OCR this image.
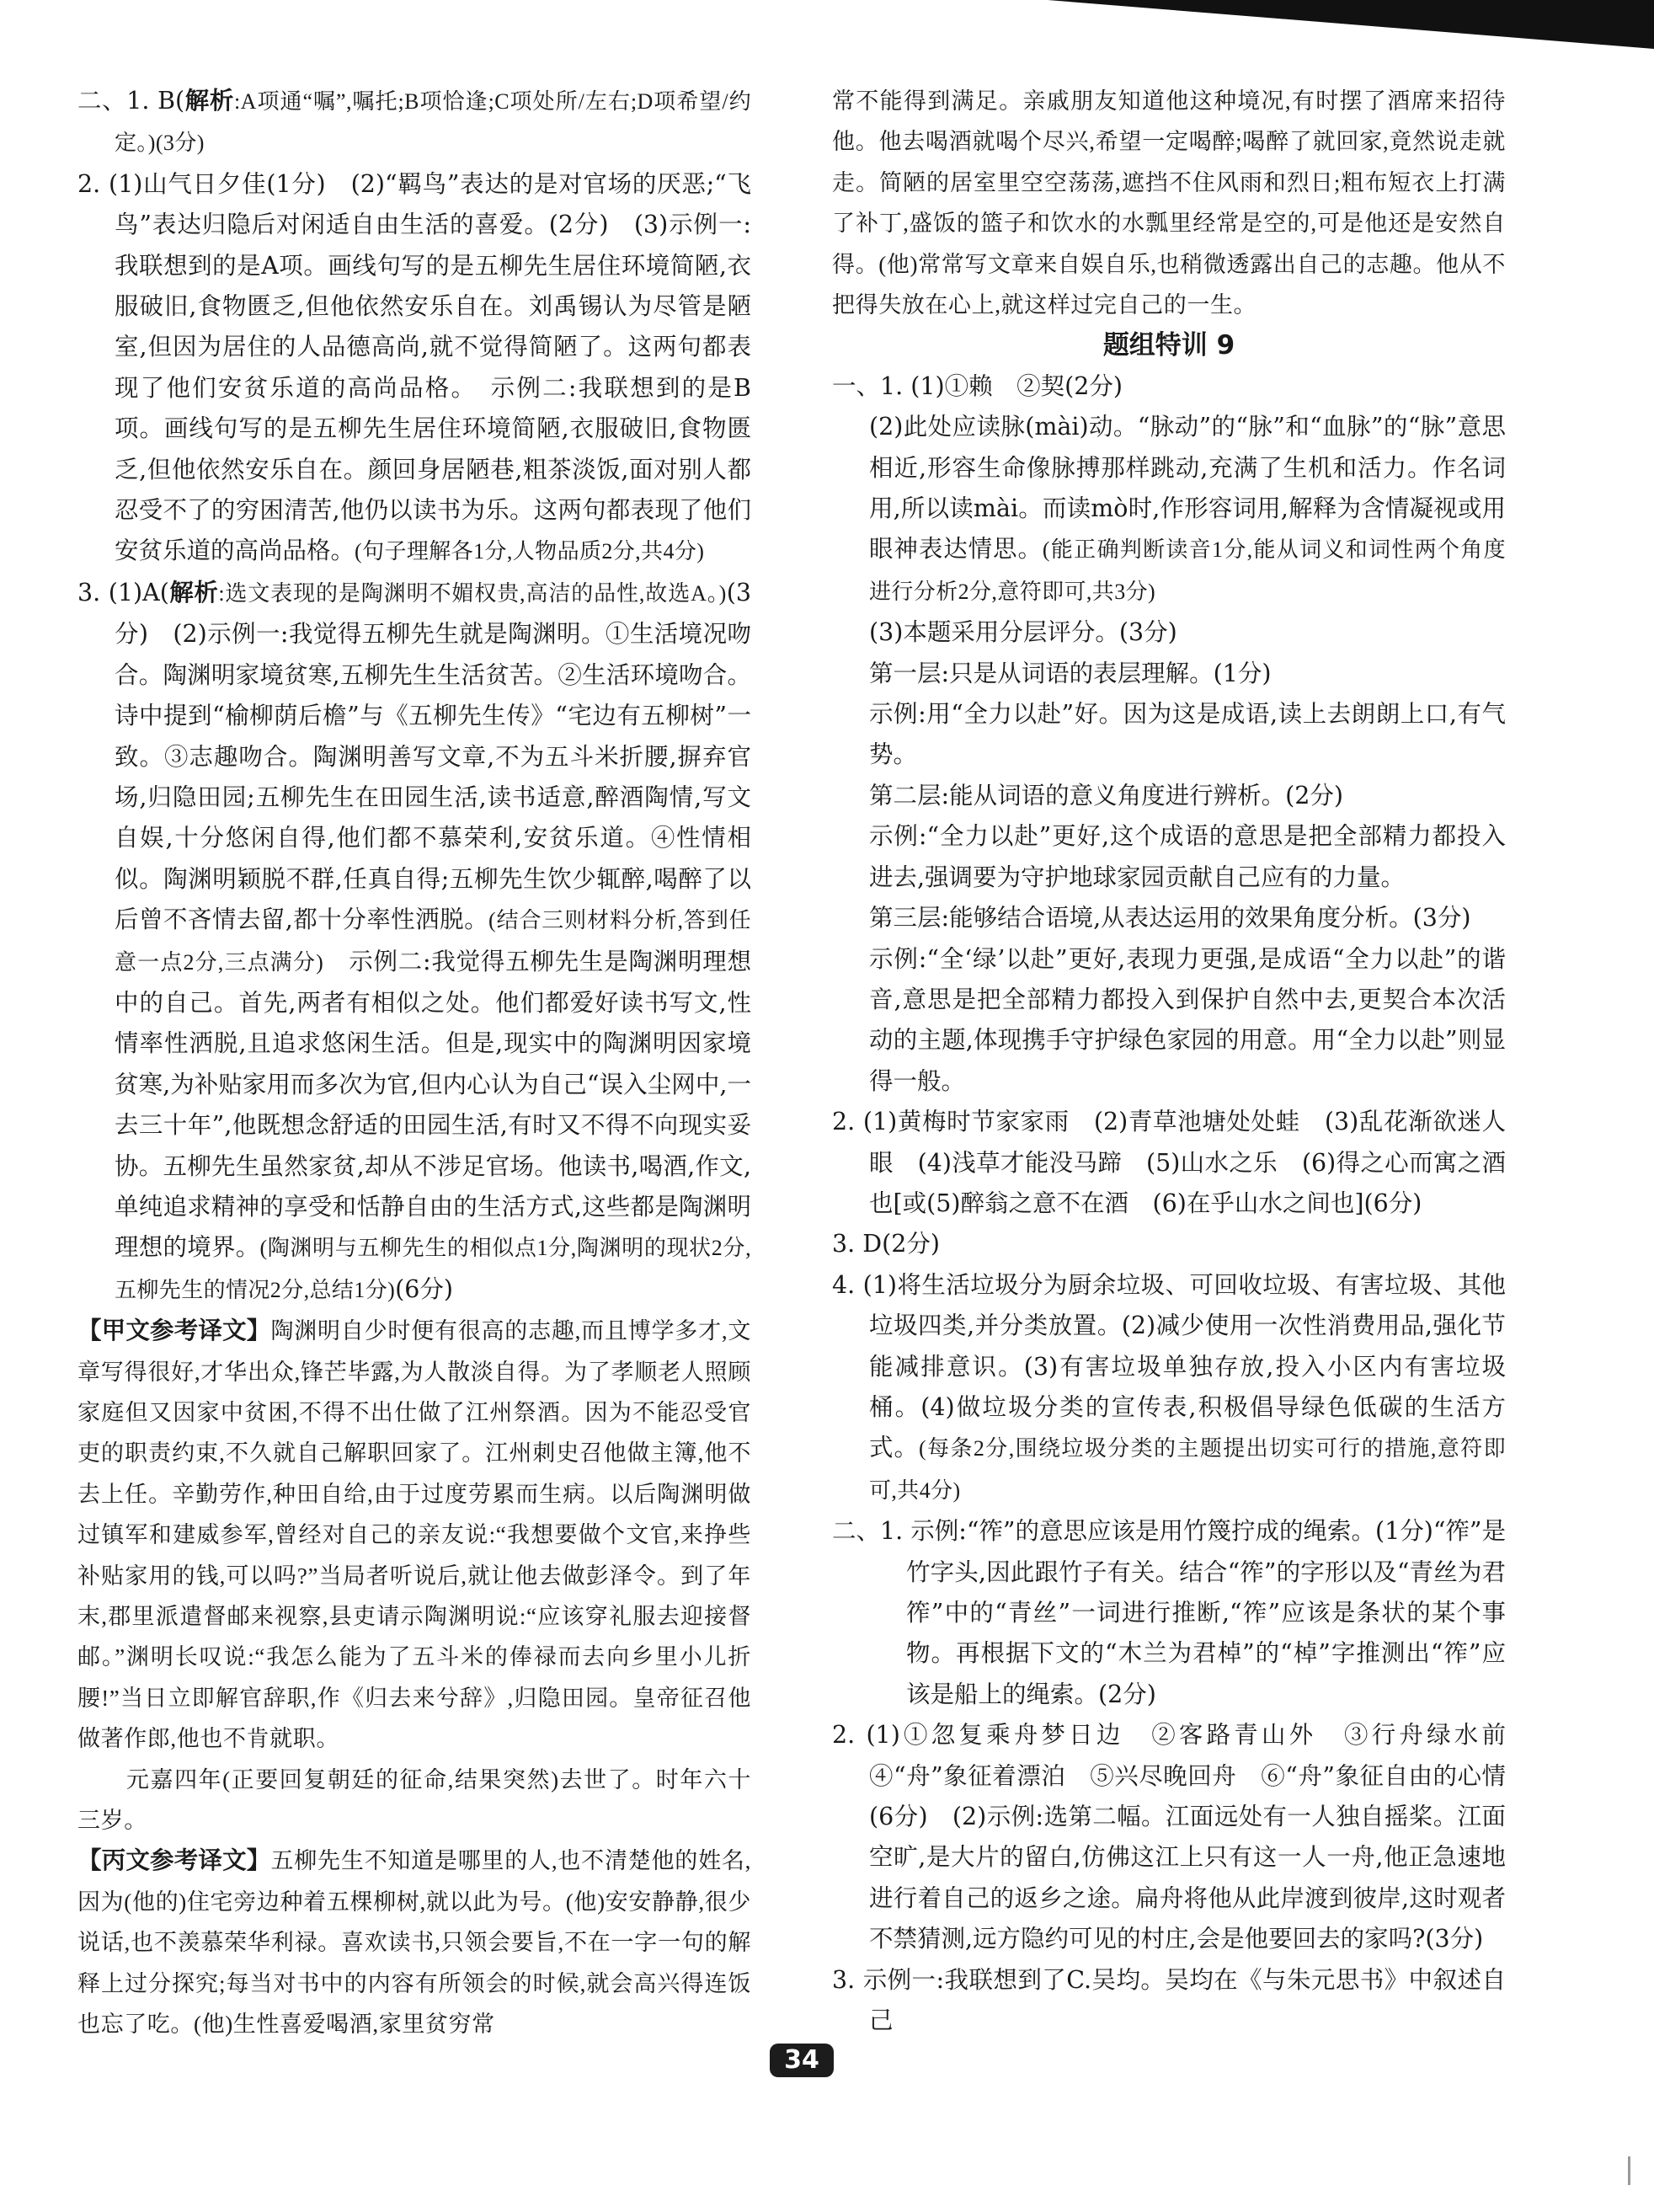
二、1. B(解析:A项通“嘱”,嘱托;B项恰逢;C项处所/左右;D项希望/约定。)(3分)

2. (1)山气日夕佳(1分)　(2)“羁鸟”表达的是对官场的厌恶;“飞鸟”表达归隐后对闲适自由生活的喜爱。(2分)　(3)示例一:我联想到的是A项。画线句写的是五柳先生居住环境简陋,衣服破旧,食物匮乏,但他依然安乐自在。刘禹锡认为尽管是陋室,但因为居住的人品德高尚,就不觉得简陋了。这两句都表现了他们安贫乐道的高尚品格。　示例二:我联想到的是B项。画线句写的是五柳先生居住环境简陋,衣服破旧,食物匮乏,但他依然安乐自在。颜回身居陋巷,粗茶淡饭,面对别人都忍受不了的穷困清苦,他仍以读书为乐。这两句都表现了他们安贫乐道的高尚品格。(句子理解各1分,人物品质2分,共4分)

3. (1)A(解析:选文表现的是陶渊明不媚权贵,高洁的品性,故选A。)(3分)　(2)示例一:我觉得五柳先生就是陶渊明。①生活境况吻合。陶渊明家境贫寒,五柳先生生活贫苦。②生活环境吻合。诗中提到“榆柳荫后檐”与《五柳先生传》“宅边有五柳树”一致。③志趣吻合。陶渊明善写文章,不为五斗米折腰,摒弃官场,归隐田园;五柳先生在田园生活,读书适意,醉酒陶情,写文自娱,十分悠闲自得,他们都不慕荣利,安贫乐道。④性情相似。陶渊明颖脱不群,任真自得;五柳先生饮少辄醉,喝醉了以后曾不吝情去留,都十分率性洒脱。(结合三则材料分析,答到任意一点2分,三点满分)　示例二:我觉得五柳先生是陶渊明理想中的自己。首先,两者有相似之处。他们都爱好读书写文,性情率性洒脱,且追求悠闲生活。但是,现实中的陶渊明因家境贫寒,为补贴家用而多次为官,但内心认为自己“误入尘网中,一去三十年”,他既想念舒适的田园生活,有时又不得不向现实妥协。五柳先生虽然家贫,却从不涉足官场。他读书,喝酒,作文,单纯追求精神的享受和恬静自由的生活方式,这些都是陶渊明理想的境界。(陶渊明与五柳先生的相似点1分,陶渊明的现状2分,五柳先生的情况2分,总结1分)(6分)

【甲文参考译文】陶渊明自少时便有很高的志趣,而且博学多才,文章写得很好,才华出众,锋芒毕露,为人散淡自得。为了孝顺老人照顾家庭但又因家中贫困,不得不出仕做了江州祭酒。因为不能忍受官吏的职责约束,不久就自己解职回家了。江州刺史召他做主簿,他不去上任。辛勤劳作,种田自给,由于过度劳累而生病。以后陶渊明做过镇军和建威参军,曾经对自己的亲友说:“我想要做个文官,来挣些补贴家用的钱,可以吗?”当局者听说后,就让他去做彭泽令。到了年末,郡里派遣督邮来视察,县吏请示陶渊明说:“应该穿礼服去迎接督邮。”渊明长叹说:“我怎么能为了五斗米的俸禄而去向乡里小儿折腰!”当日立即解官辞职,作《归去来兮辞》,归隐田园。皇帝征召他做著作郎,他也不肯就职。

元嘉四年(正要回复朝廷的征命,结果突然)去世了。时年六十三岁。

【丙文参考译文】五柳先生不知道是哪里的人,也不清楚他的姓名,因为(他的)住宅旁边种着五棵柳树,就以此为号。(他)安安静静,很少说话,也不羡慕荣华利禄。喜欢读书,只领会要旨,不在一字一句的解释上过分探究;每当对书中的内容有所领会的时候,就会高兴得连饭也忘了吃。(他)生性喜爱喝酒,家里贫穷常

常不能得到满足。亲戚朋友知道他这种境况,有时摆了酒席来招待他。他去喝酒就喝个尽兴,希望一定喝醉;喝醉了就回家,竟然说走就走。简陋的居室里空空荡荡,遮挡不住风雨和烈日;粗布短衣上打满了补丁,盛饭的篮子和饮水的水瓢里经常是空的,可是他还是安然自得。(他)常常写文章来自娱自乐,也稍微透露出自己的志趣。他从不把得失放在心上,就这样过完自己的一生。

题组特训 9

一、1. (1)①赖　②契(2分)

(2)此处应读脉(mài)动。“脉动”的“脉”和“血脉”的“脉”意思相近,形容生命像脉搏那样跳动,充满了生机和活力。作名词用,所以读mài。而读mò时,作形容词用,解释为含情凝视或用眼神表达情思。(能正确判断读音1分,能从词义和词性两个角度进行分析2分,意符即可,共3分)

(3)本题采用分层评分。(3分)

第一层:只是从词语的表层理解。(1分)

示例:用“全力以赴”好。因为这是成语,读上去朗朗上口,有气势。

第二层:能从词语的意义角度进行辨析。(2分)

示例:“全力以赴”更好,这个成语的意思是把全部精力都投入进去,强调要为守护地球家园贡献自己应有的力量。

第三层:能够结合语境,从表达运用的效果角度分析。(3分)

示例:“全‘绿’以赴”更好,表现力更强,是成语“全力以赴”的谐音,意思是把全部精力都投入到保护自然中去,更契合本次活动的主题,体现携手守护绿色家园的用意。用“全力以赴”则显得一般。

2. (1)黄梅时节家家雨　(2)青草池塘处处蛙　(3)乱花渐欲迷人眼　(4)浅草才能没马蹄　(5)山水之乐　(6)得之心而寓之酒也[或(5)醉翁之意不在酒　(6)在乎山水之间也](6分)

3. D(2分)

4. (1)将生活垃圾分为厨余垃圾、可回收垃圾、有害垃圾、其他垃圾四类,并分类放置。(2)减少使用一次性消费用品,强化节能减排意识。(3)有害垃圾单独存放,投入小区内有害垃圾桶。(4)做垃圾分类的宣传表,积极倡导绿色低碳的生活方式。(每条2分,围绕垃圾分类的主题提出切实可行的措施,意符即可,共4分)

二、1. 示例:“筰”的意思应该是用竹篾拧成的绳索。(1分)“筰”是竹字头,因此跟竹子有关。结合“筰”的字形以及“青丝为君筰”中的“青丝”一词进行推断,“筰”应该是条状的某个事物。再根据下文的“木兰为君棹”的“棹”字推测出“筰”应该是船上的绳索。(2分)

2. (1)①忽复乘舟梦日边　②客路青山外　③行舟绿水前　④“舟”象征着漂泊　⑤兴尽晚回舟　⑥“舟”象征自由的心情(6分)　(2)示例:选第二幅。江面远处有一人独自摇桨。江面空旷,是大片的留白,仿佛这江上只有这一人一舟,他正急速地进行着自己的返乡之途。扁舟将他从此岸渡到彼岸,这时观者不禁猜测,远方隐约可见的村庄,会是他要回去的家吗?(3分)

3. 示例一:我联想到了C.吴均。吴均在《与朱元思书》中叙述自己

34
